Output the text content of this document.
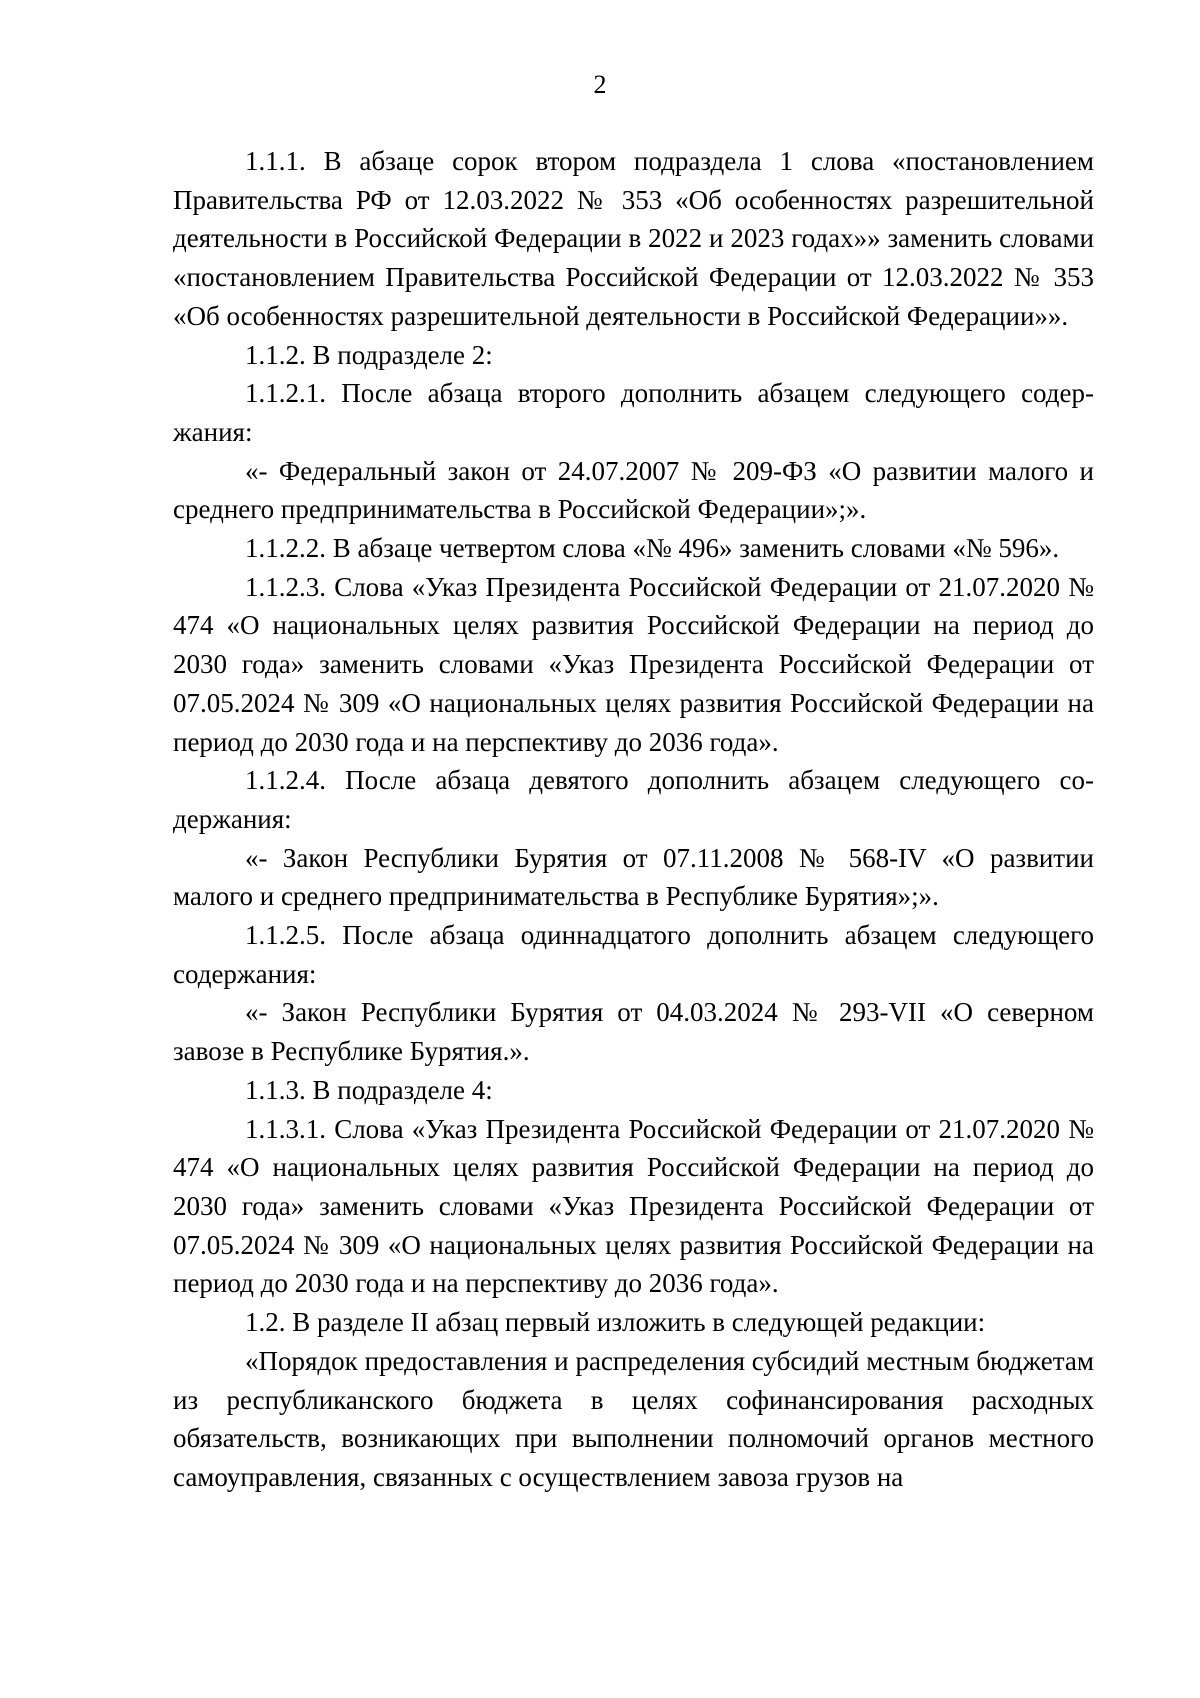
2

1.1.1. В абзаце сорок втором подраздела 1 слова «постановлением Правительства РФ от 12.03.2022 № 353 «Об особенностях разрешительной деятельности в Российской Федерации в 2022 и 2023 годах»» заменить словами «постановлением Правительства Российской Федерации от 12.03.2022 № 353 «Об особенностях разрешительной деятельности в Российской Федерации»».

1.1.2. В подразделе 2:

1.1.2.1. После абзаца второго дополнить абзацем следующего содержания:

«- Федеральный закон от 24.07.2007 № 209-ФЗ «О развитии малого и среднего предпринимательства в Российской Федерации»;».

1.1.2.2. В абзаце четвертом слова «№ 496» заменить словами «№ 596».

1.1.2.3. Слова «Указ Президента Российской Федерации от 21.07.2020 № 474 «О национальных целях развития Российской Федерации на период до 2030 года» заменить словами «Указ Президента Российской Федерации от 07.05.2024 № 309 «О национальных целях развития Российской Федерации на период до 2030 года и на перспективу до 2036 года».

1.1.2.4. После абзаца девятого дополнить абзацем следующего содержания:

«- Закон Республики Бурятия от 07.11.2008 № 568-IV «О развитии малого и среднего предпринимательства в Республике Бурятия»;».

1.1.2.5. После абзаца одиннадцатого дополнить абзацем следующего содержания:

«- Закон Республики Бурятия от 04.03.2024 № 293-VII «О северном завозе в Республике Бурятия.».

1.1.3. В подразделе 4:

1.1.3.1. Слова «Указ Президента Российской Федерации от 21.07.2020 № 474 «О национальных целях развития Российской Федерации на период до 2030 года» заменить словами «Указ Президента Российской Федерации от 07.05.2024 № 309 «О национальных целях развития Российской Федерации на период до 2030 года и на перспективу до 2036 года».

1.2. В разделе II абзац первый изложить в следующей редакции:

«Порядок предоставления и распределения субсидий местным бюджетам из республиканского бюджета в целях софинансирования расходных обязательств, возникающих при выполнении полномочий органов местного самоуправления, связанных с осуществлением завоза грузов на
